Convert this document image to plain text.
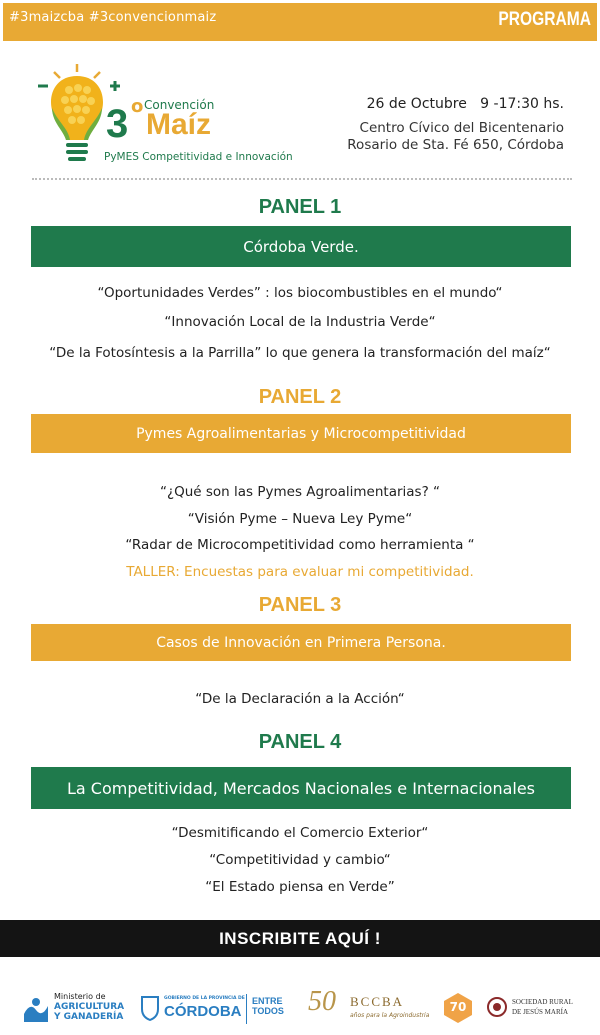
#3maizcba #3convencionmaiz	PROGRAMA
3 o Convención
Maíz
PyMES Competitividad e Innovación
26 de Octubre   9 -17:30 hs.
Centro Cívico del Bicentenario
Rosario de Sta. Fé 650, Córdoba
PANEL 1
Córdoba Verde.
“Oportunidades Verdes” : los biocombustibles en el mundo“
“Innovación Local de la Industria Verde“
“De la Fotosíntesis a la Parrilla” lo que genera la transformación del maíz“
PANEL 2
Pymes Agroalimentarias y Microcompetitividad
“¿Qué son las Pymes Agroalimentarias? “
“Visión Pyme – Nueva Ley Pyme“
“Radar de Microcompetitividad como herramienta “
TALLER: Encuestas para evaluar mi competitividad.
PANEL 3
Casos de Innovación en Primera Persona.
“De la Declaración a la Acción“
PANEL 4
La Competitividad, Mercados Nacionales e Internacionales
“Desmitificando el Comercio Exterior“
“Competitividad y cambio“
“El Estado piensa en Verde”
INSCRIBITE AQUÍ !
Ministerio de
AGRICULTURA
Y GANADERÍA
GOBIERNO DE LA PROVINCIA DE
CÓRDOBA
ENTRE
TODOS 50 BCCBA
años para la Agroindustria
70	SOCIEDAD RURAL
DE JESÚS MARÍA
